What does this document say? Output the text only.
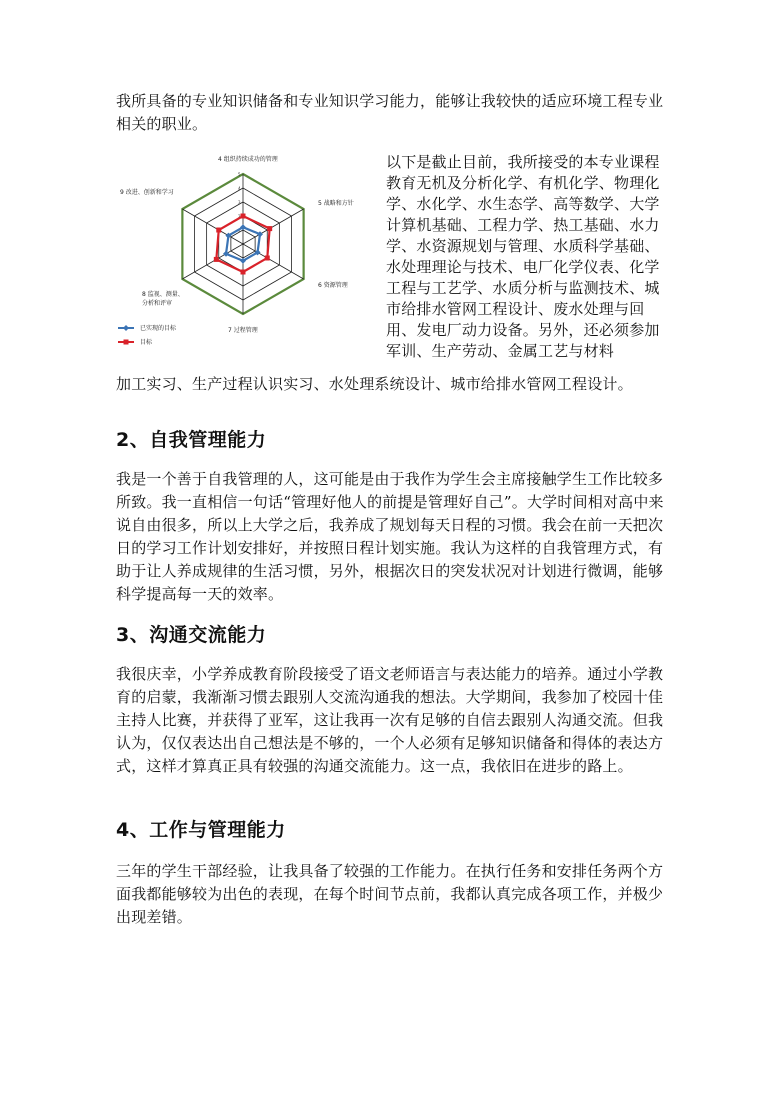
我所具备的专业知识储备和专业知识学习能力，能够让我较快的适应环境工程专业相关的职业。

1
2
3
4
5
4 组织持续成功的管理
5 战略和方针
6 资源管理
7 过程管理
8 监视、测量、
分析和评审
9 改进、创新和学习
已实现的目标
目标

以下是截止目前，我所接受的本专业课程教育无机及分析化学、有机化学、物理化学、水化学、水生态学、高等数学、大学计算机基础、工程力学、热工基础、水力学、水资源规划与管理、水质科学基础、水处理理论与技术、电厂化学仪表、化学工程与工艺学、水质分析与监测技术、城市给排水管网工程设计、废水处理与回用、发电厂动力设备。另外，还必须参加军训、生产劳动、金属工艺与材料

加工实习、生产过程认识实习、水处理系统设计、城市给排水管网工程设计。

2、自我管理能力

我是一个善于自我管理的人，这可能是由于我作为学生会主席接触学生工作比较多所致。我一直相信一句话“管理好他人的前提是管理好自己”。大学时间相对高中来说自由很多，所以上大学之后，我养成了规划每天日程的习惯。我会在前一天把次日的学习工作计划安排好，并按照日程计划实施。我认为这样的自我管理方式，有助于让人养成规律的生活习惯，另外，根据次日的突发状况对计划进行微调，能够科学提高每一天的效率。

3、沟通交流能力

我很庆幸，小学养成教育阶段接受了语文老师语言与表达能力的培养。通过小学教育的启蒙，我渐渐习惯去跟别人交流沟通我的想法。大学期间，我参加了校园十佳主持人比赛，并获得了亚军，这让我再一次有足够的自信去跟别人沟通交流。但我认为，仅仅表达出自己想法是不够的，一个人必须有足够知识储备和得体的表达方式，这样才算真正具有较强的沟通交流能力。这一点，我依旧在进步的路上。

4、工作与管理能力

三年的学生干部经验，让我具备了较强的工作能力。在执行任务和安排任务两个方面我都能够较为出色的表现，在每个时间节点前，我都认真完成各项工作，并极少出现差错。
